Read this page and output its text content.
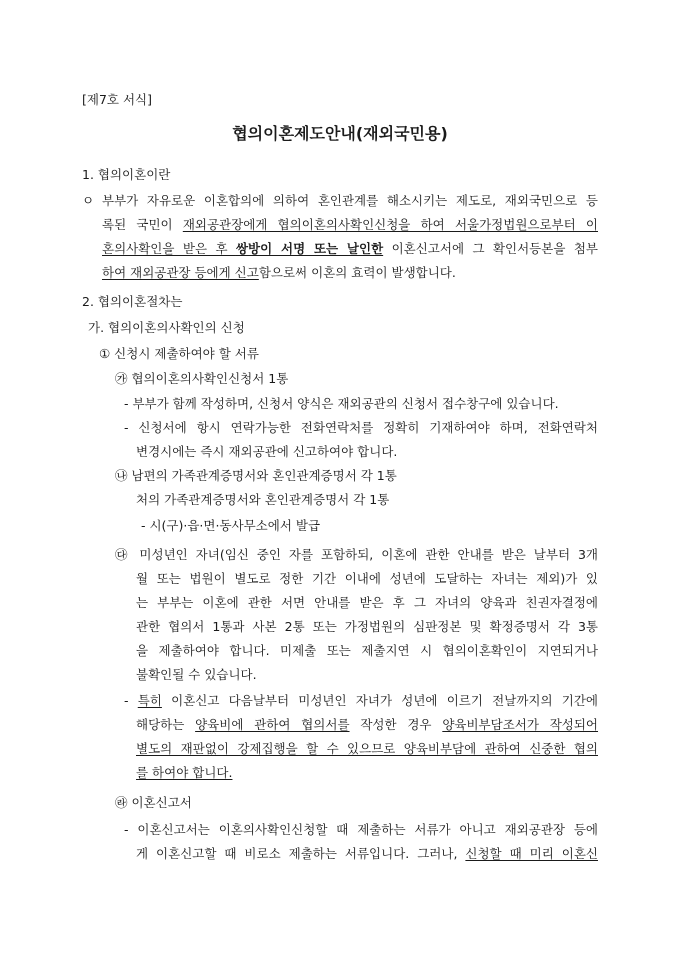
[제7호 서식]
협의이혼제도안내(재외국민용)
1. 협의이혼이란
ㅇ 부부가 자유로운 이혼합의에 의하여 혼인관계를 해소시키는 제도로, 재외국민으로 등
록된 국민이 재외공관장에게 협의이혼의사확인신청을 하여 서울가정법원으로부터 이
혼의사확인을 받은 후 쌍방이 서명 또는 날인한 이혼신고서에 그 확인서등본을 첨부
하여 재외공관장 등에게 신고함으로써 이혼의 효력이 발생합니다.
2. 협의이혼절차는
가. 협의이혼의사확인의 신청
① 신청시 제출하여야 할 서류
㉮ 협의이혼의사확인신청서 1통
- 부부가 함께 작성하며, 신청서 양식은 재외공관의 신청서 접수창구에 있습니다.
- 신청서에 항시 연락가능한 전화연락처를 정확히 기재하여야 하며, 전화연락처
변경시에는 즉시 재외공관에 신고하여야 합니다.
㉯ 남편의 가족관계증명서와 혼인관계증명서 각 1통
처의 가족관계증명서와 혼인관계증명서 각 1통
- 시(구)·읍·면·동사무소에서 발급
㉰ 미성년인 자녀(임신 중인 자를 포함하되, 이혼에 관한 안내를 받은 날부터 3개
월 또는 법원이 별도로 정한 기간 이내에 성년에 도달하는 자녀는 제외)가 있
는 부부는 이혼에 관한 서면 안내를 받은 후 그 자녀의 양육과 친권자결정에
관한 협의서 1통과 사본 2통 또는 가정법원의 심판정본 및 확정증명서 각 3통
을 제출하여야 합니다. 미제출 또는 제출지연 시 협의이혼확인이 지연되거나
불확인될 수 있습니다.
- 특히 이혼신고 다음날부터 미성년인 자녀가 성년에 이르기 전날까지의 기간에
해당하는 양육비에 관하여 협의서를 작성한 경우 양육비부담조서가 작성되어
별도의 재판없이 강제집행을 할 수 있으므로 양육비부담에 관하여 신중한 협의
를 하여야 합니다.
㉱ 이혼신고서
- 이혼신고서는 이혼의사확인신청할 때 제출하는 서류가 아니고 재외공관장 등에
게 이혼신고할 때 비로소 제출하는 서류입니다. 그러나, 신청할 때 미리 이혼신
